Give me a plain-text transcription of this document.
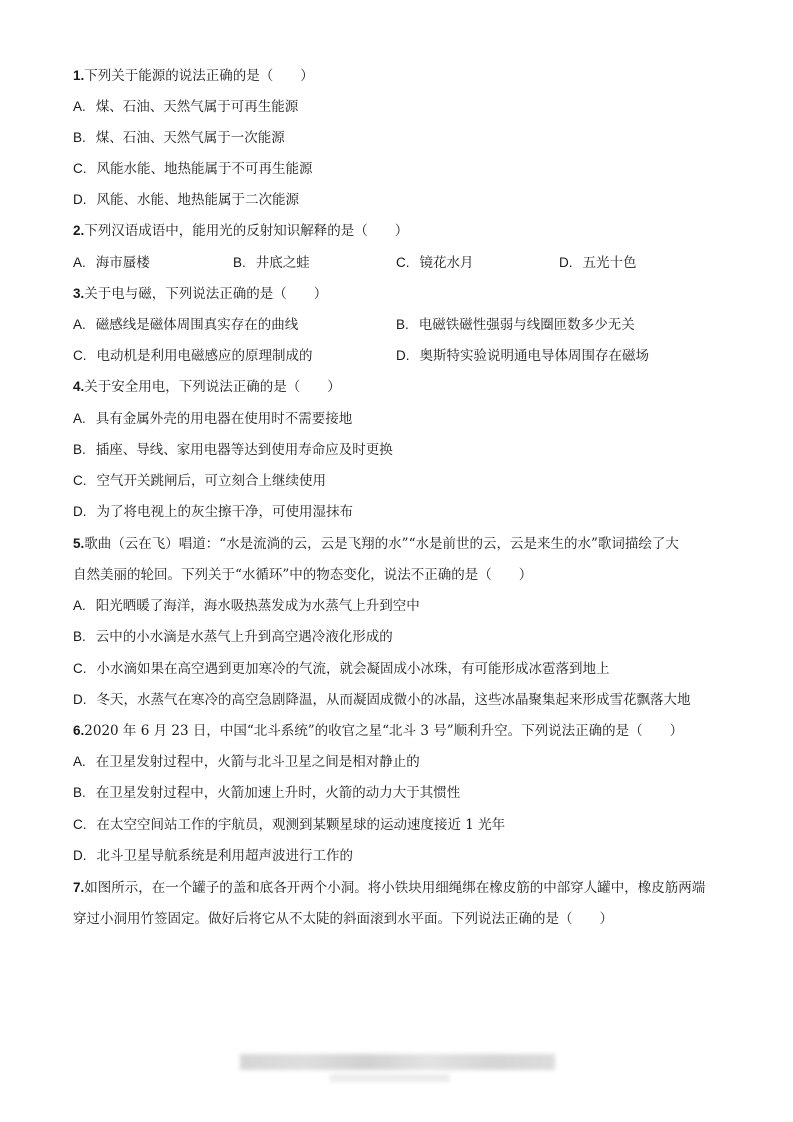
1.下列关于能源的说法正确的是（　　）
A. 煤、石油、天然气属于可再生能源
B. 煤、石油、天然气属于一次能源
C. 风能水能、地热能属于不可再生能源
D. 风能、水能、地热能属于二次能源
2.下列汉语成语中，能用光的反射知识解释的是（　　）
A. 海市蜃楼	B. 井底之蛙	C. 镜花水月	D. 五光十色
3.关于电与磁，下列说法正确的是（　　）
A. 磁感线是磁体周围真实存在的曲线	B. 电磁铁磁性强弱与线圈匝数多少无关
C. 电动机是利用电磁感应的原理制成的	D. 奥斯特实验说明通电导体周围存在磁场
4.关于安全用电，下列说法正确的是（　　）
A. 具有金属外壳的用电器在使用时不需要接地
B. 插座、导线、家用电器等达到使用寿命应及时更换
C. 空气开关跳闸后，可立刻合上继续使用
D. 为了将电视上的灰尘擦干净，可使用湿抹布
5.歌曲（云在飞）唱道：“水是流淌的云，云是飞翔的水”“水是前世的云，云是来生的水”歌词描绘了大
自然美丽的轮回。下列关于“水循环”中的物态变化，说法不正确的是（　　）
A. 阳光晒暖了海洋，海水吸热蒸发成为水蒸气上升到空中
B. 云中的小水滴是水蒸气上升到高空遇冷液化形成的
C. 小水滴如果在高空遇到更加寒冷的气流，就会凝固成小冰珠，有可能形成冰雹落到地上
D. 冬天，水蒸气在寒冷的高空急剧降温，从而凝固成微小的冰晶，这些冰晶聚集起来形成雪花飘落大地
6.2020 年 6 月 23 日，中国“北斗系统”的收官之星“北斗 3 号”顺利升空。下列说法正确的是（　　）
A. 在卫星发射过程中，火箭与北斗卫星之间是相对静止的
B. 在卫星发射过程中，火箭加速上升时，火箭的动力大于其惯性
C. 在太空空间站工作的宇航员，观测到某颗星球的运动速度接近 1 光年
D. 北斗卫星导航系统是利用超声波进行工作的
7.如图所示，在一个罐子的盖和底各开两个小洞。将小铁块用细绳绑在橡皮筋的中部穿人罐中，橡皮筋两端
穿过小洞用竹签固定。做好后将它从不太陡的斜面滚到水平面。下列说法正确的是（　　）
